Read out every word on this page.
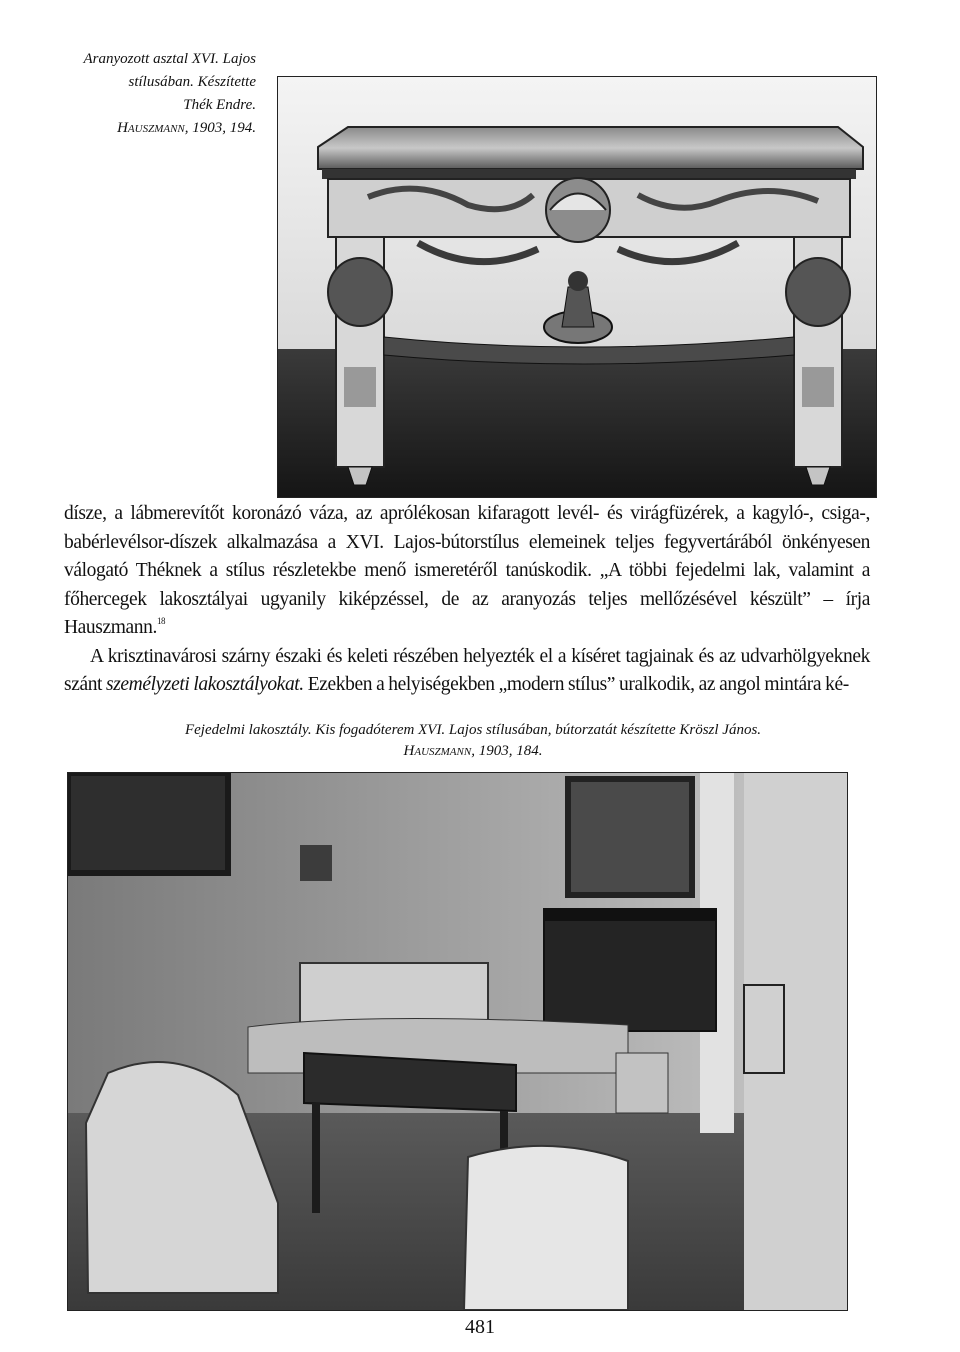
Aranyozott asztal XVI. Lajos
stílusában. Készítette
Thék Endre.
Hauszmann, 1903, 194.

dísze, a lábmerevítőt koronázó váza, az aprólékosan kifaragott levél- és virágfüzérek, a kagyló-, csiga-, babérlevélsor-díszek alkalmazása a XVI. Lajos-bútorstílus elemeinek teljes fegyvertárából önkényesen válogató Théknek a stílus részletekbe menő ismeretéről tanúskodik. „A többi fejedelmi lak, valamint a főhercegek lakosztályai ugyanily kiképzéssel, de az aranyozás teljes mellőzésével készült” – írja Hauszmann.$^{18}$

A krisztinavárosi szárny északi és keleti részében helyezték el a kíséret tagjainak és az udvarhölgyeknek szánt személyzeti lakosztályokat. Ezekben a helyiségekben „modern stílus” uralkodik, az angol mintára ké-

Fejedelmi lakosztály. Kis fogadóterem XVI. Lajos stílusában, bútorzatát készítette Kröszl János.
Hauszmann, 1903, 184.
481
